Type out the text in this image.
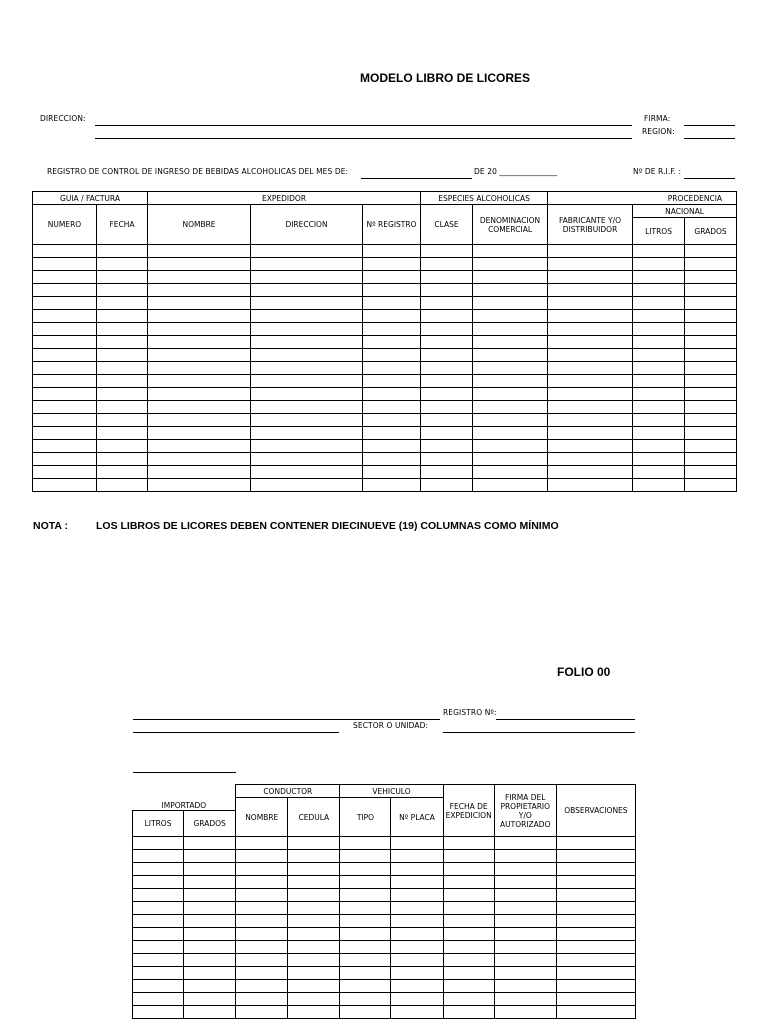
MODELO LIBRO DE LICORES
DIRECCION:	FIRMA:
REGION:
REGISTRO DE CONTROL DE INGRESO DE BEBIDAS ALCOHOLICAS DEL MES DE:	DE 20 _______________	Nº DE R.I.F. :
GUIA / FACTURA		EXPEDIDOR			ESPECIES ALCOHOLICAS		PROCEDENCIA		
NUMERO	FECHA	NOMBRE	DIRECCION	Nº REGISTRO	CLASE	DENOMINACION COMERCIAL	FABRICANTE Y/O DISTRIBUIDOR	NACIONAL	
								LITROS	GRADOS

NOTA :	LOS LIBROS DE LICORES DEBEN CONTENER DIECINUEVE (19) COLUMNAS COMO MÍNIMO
FOLIO 00
REGISTRO Nº:
SECTOR O UNIDAD:
IMPORTADO		CONDUCTOR		VEHICULO		FECHA DE EXPEDICION	FIRMA DEL PROPIETARIO Y/O AUTORIZADO	OBSERVACIONES
		NOMBRE	CEDULA	TIPO	Nº PLACA			
LITROS	GRADOS							
